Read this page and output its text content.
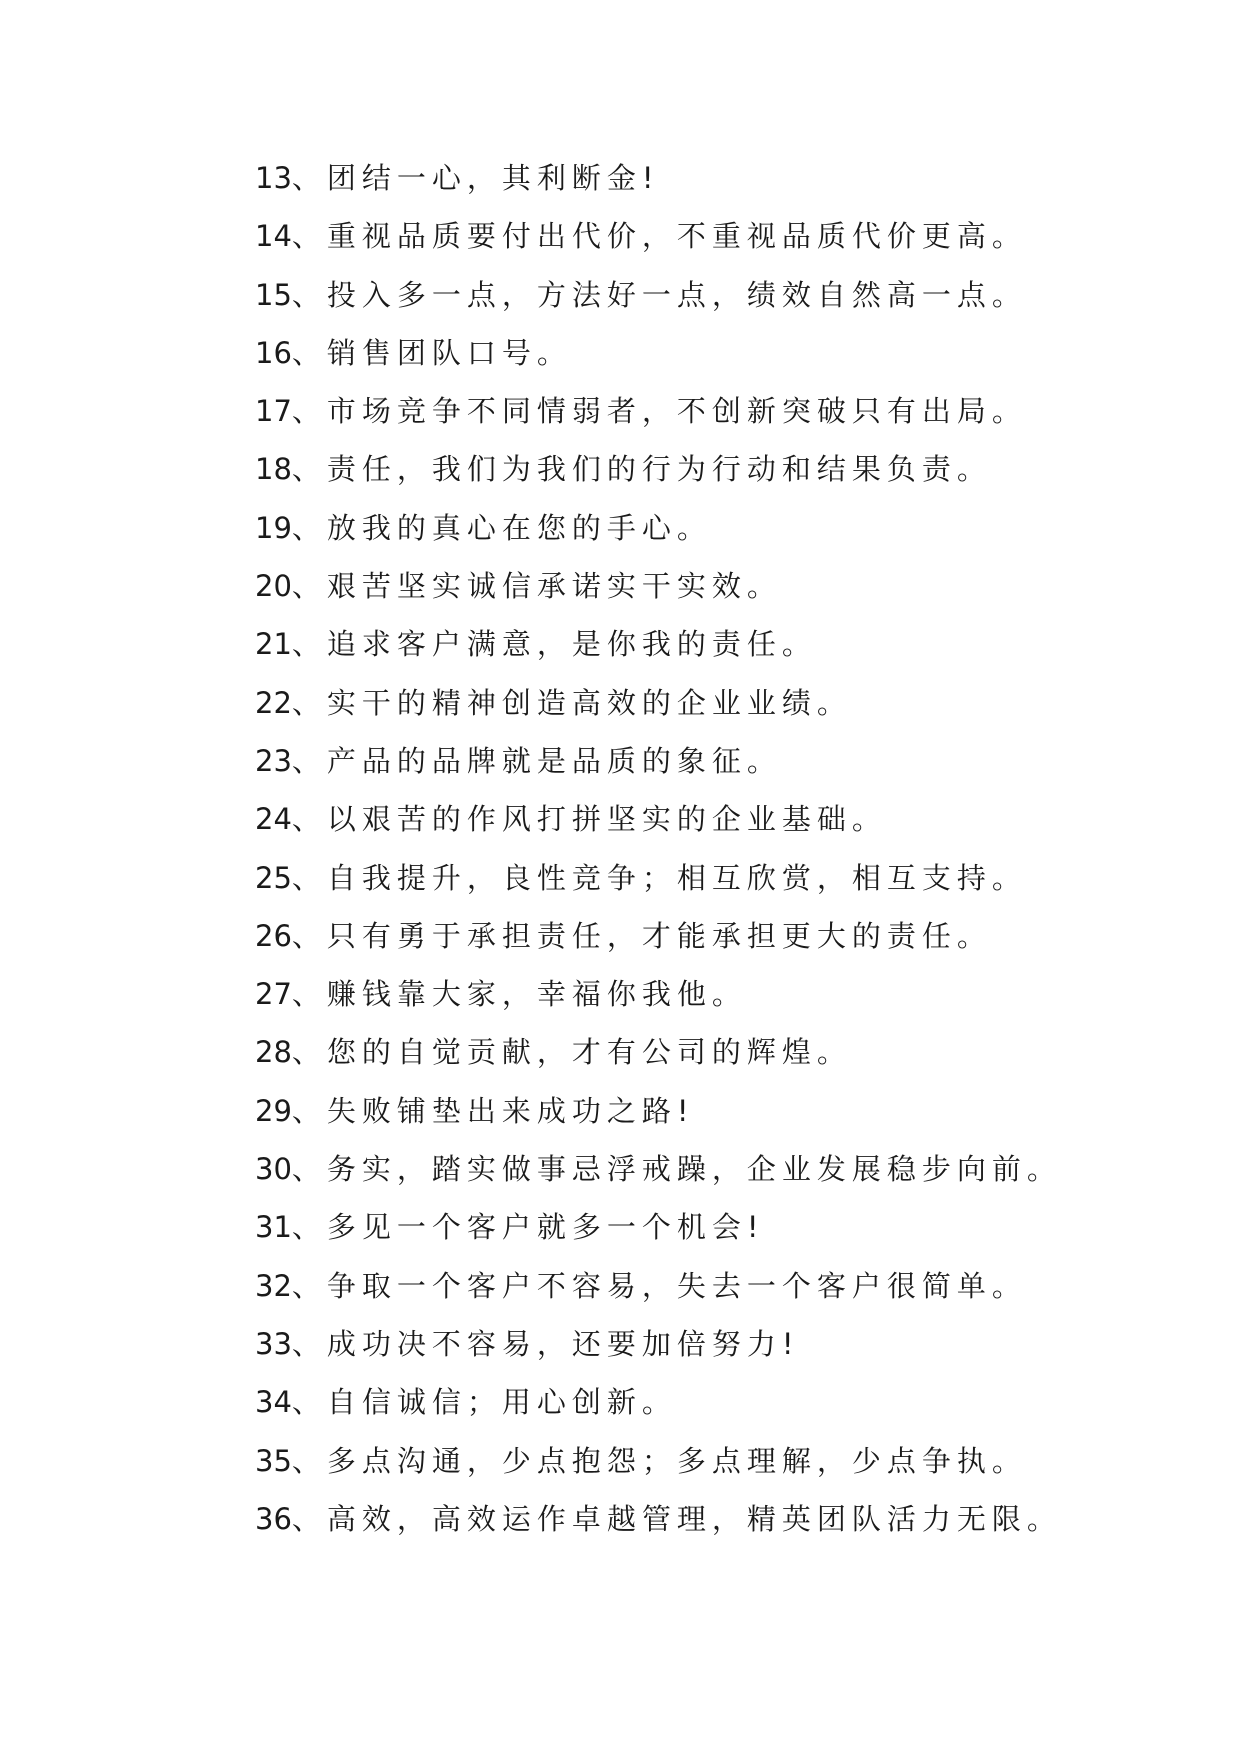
13、团结一心，其利断金!
14、重视品质要付出代价，不重视品质代价更高。
15、投入多一点，方法好一点，绩效自然高一点。
16、销售团队口号。
17、市场竞争不同情弱者，不创新突破只有出局。
18、责任，我们为我们的行为行动和结果负责。
19、放我的真心在您的手心。
20、艰苦坚实诚信承诺实干实效。
21、追求客户满意，是你我的责任。
22、实干的精神创造高效的企业业绩。
23、产品的品牌就是品质的象征。
24、以艰苦的作风打拼坚实的企业基础。
25、自我提升，良性竞争；相互欣赏，相互支持。
26、只有勇于承担责任，才能承担更大的责任。
27、赚钱靠大家，幸福你我他。
28、您的自觉贡献，才有公司的辉煌。
29、失败铺垫出来成功之路!
30、务实，踏实做事忌浮戒躁，企业发展稳步向前。
31、多见一个客户就多一个机会!
32、争取一个客户不容易，失去一个客户很简单。
33、成功决不容易，还要加倍努力!
34、自信诚信；用心创新。
35、多点沟通，少点抱怨；多点理解，少点争执。
36、高效，高效运作卓越管理，精英团队活力无限。
